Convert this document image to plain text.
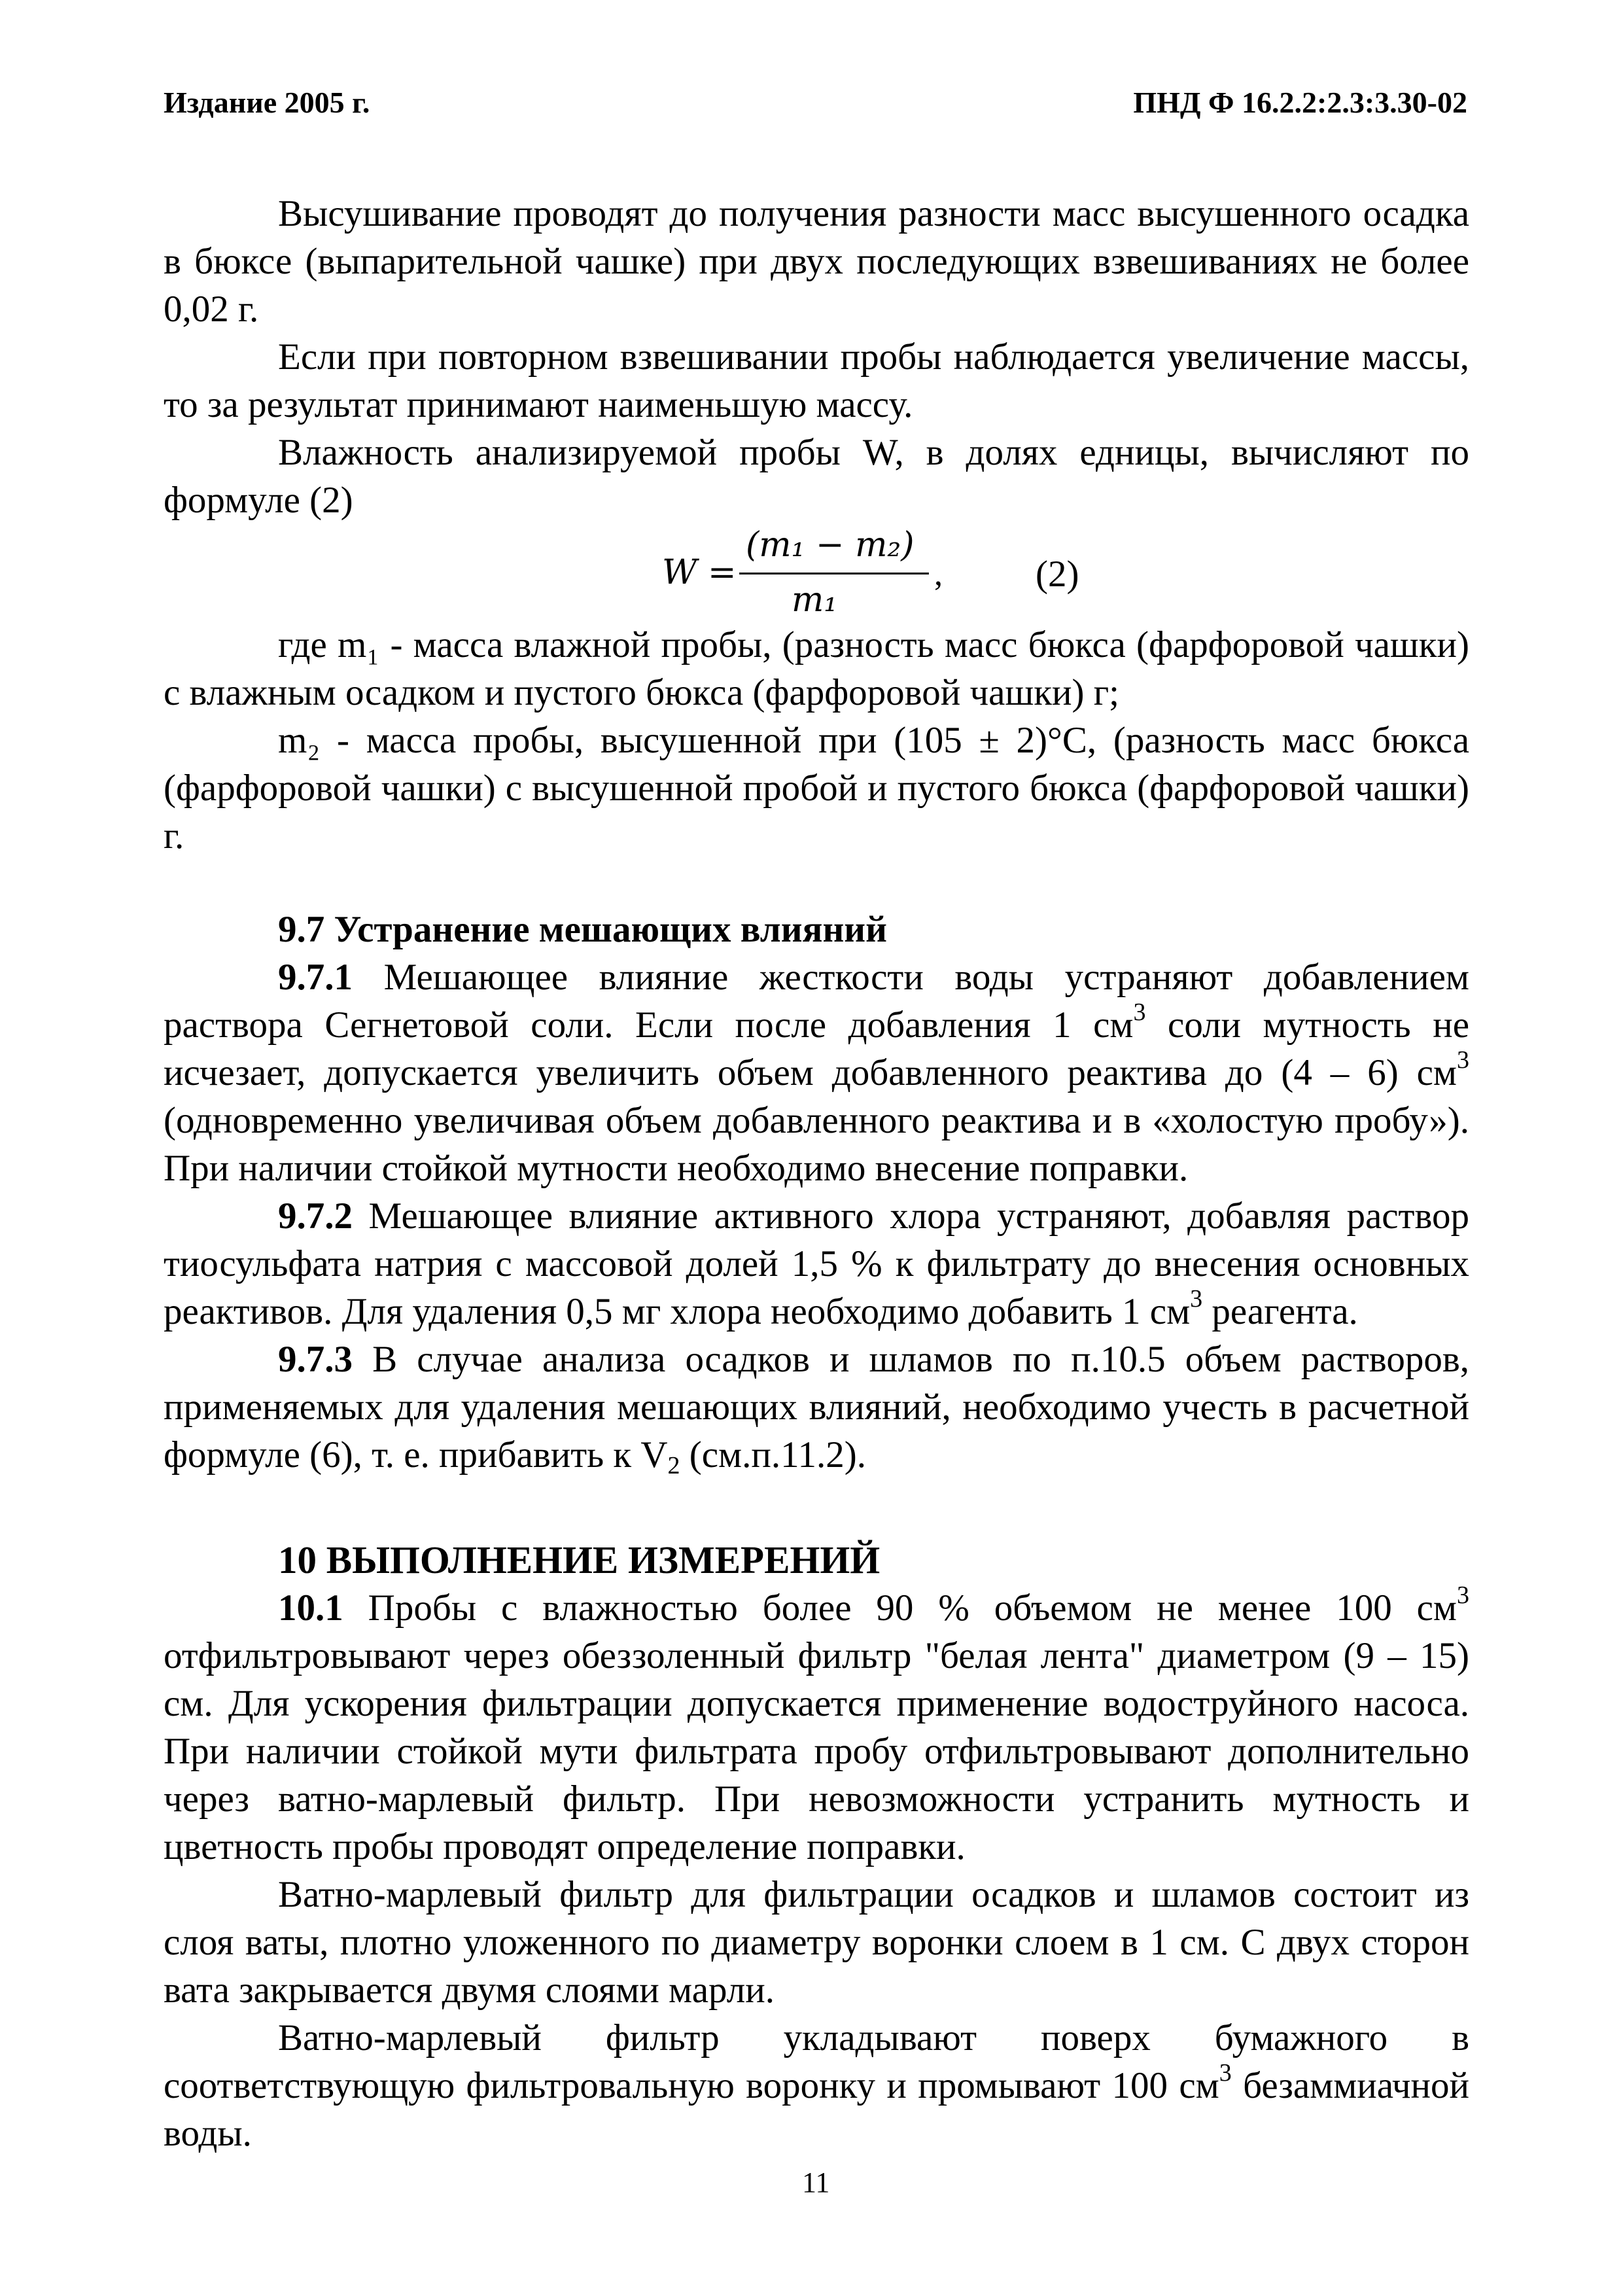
Издание 2005 г.	ПНД Ф 16.2.2:2.3:3.30-02

Высушивание проводят до получения разности масс высушенного осадка в бюксе (выпарительной чашке) при двух последующих взвешиваниях не более 0,02 г.

Если при повторном взвешивании пробы наблюдается увеличение массы, то за результат принимают наименьшую массу.

Влажность анализируемой пробы W, в долях едницы, вычисляют по формуле (2)

W =
(m₁ − m₂)
m₁
, (2)

где m₁ - масса влажной пробы, (разность масс бюкса (фарфоровой чашки) с влажным осадком и пустого бюкса (фарфоровой чашки) г;

m₂ - масса пробы, высушенной при (105 ± 2)°С, (разность масс бюкса (фарфоровой чашки) с высушенной пробой и пустого бюкса (фарфоровой чашки) г.

9.7 Устранение мешающих влияний

9.7.1 Мешающее влияние жесткости воды устраняют добавлением раствора Сегнетовой соли. Если после добавления 1 $см^3$ соли мутность не исчезает, допускается увеличить объем добавленного реактива до (4 – 6) $см^3$ (одновременно увеличивая объем добавленного реактива и в «холостую пробу»). При наличии стойкой мутности необходимо внесение поправки.

9.7.2 Мешающее влияние активного хлора устраняют, добавляя раствор тиосульфата натрия с массовой долей 1,5 % к фильтрату до внесения основных реактивов. Для удаления 0,5 мг хлора необходимо добавить 1 $см^3$ реагента.

9.7.3 В случае анализа осадков и шламов по п.10.5 объем растворов, применяемых для удаления мешающих влияний, необходимо учесть в расчетной формуле (6), т. е. прибавить к $V_2$ (см.п.11.2).

10 ВЫПОЛНЕНИЕ ИЗМЕРЕНИЙ

10.1 Пробы с влажностью более 90 % объемом не менее 100 $см^3$ отфильтровывают через обеззоленный фильтр "белая лента" диаметром (9 – 15) см. Для ускорения фильтрации допускается применение водоструйного насоса. При наличии стойкой мути фильтрата пробу отфильтровывают дополнительно через ватно-марлевый фильтр. При невозможности устранить мутность и цветность пробы проводят определение поправки.

Ватно-марлевый фильтр для фильтрации осадков и шламов состоит из слоя ваты, плотно уложенного по диаметру воронки слоем в 1 см. С двух сторон вата закрывается двумя слоями марли.

Ватно-марлевый фильтр укладывают поверх бумажного в соответствующую фильтровальную воронку и промывают 100 $см^3$ безаммиачной воды.

11
